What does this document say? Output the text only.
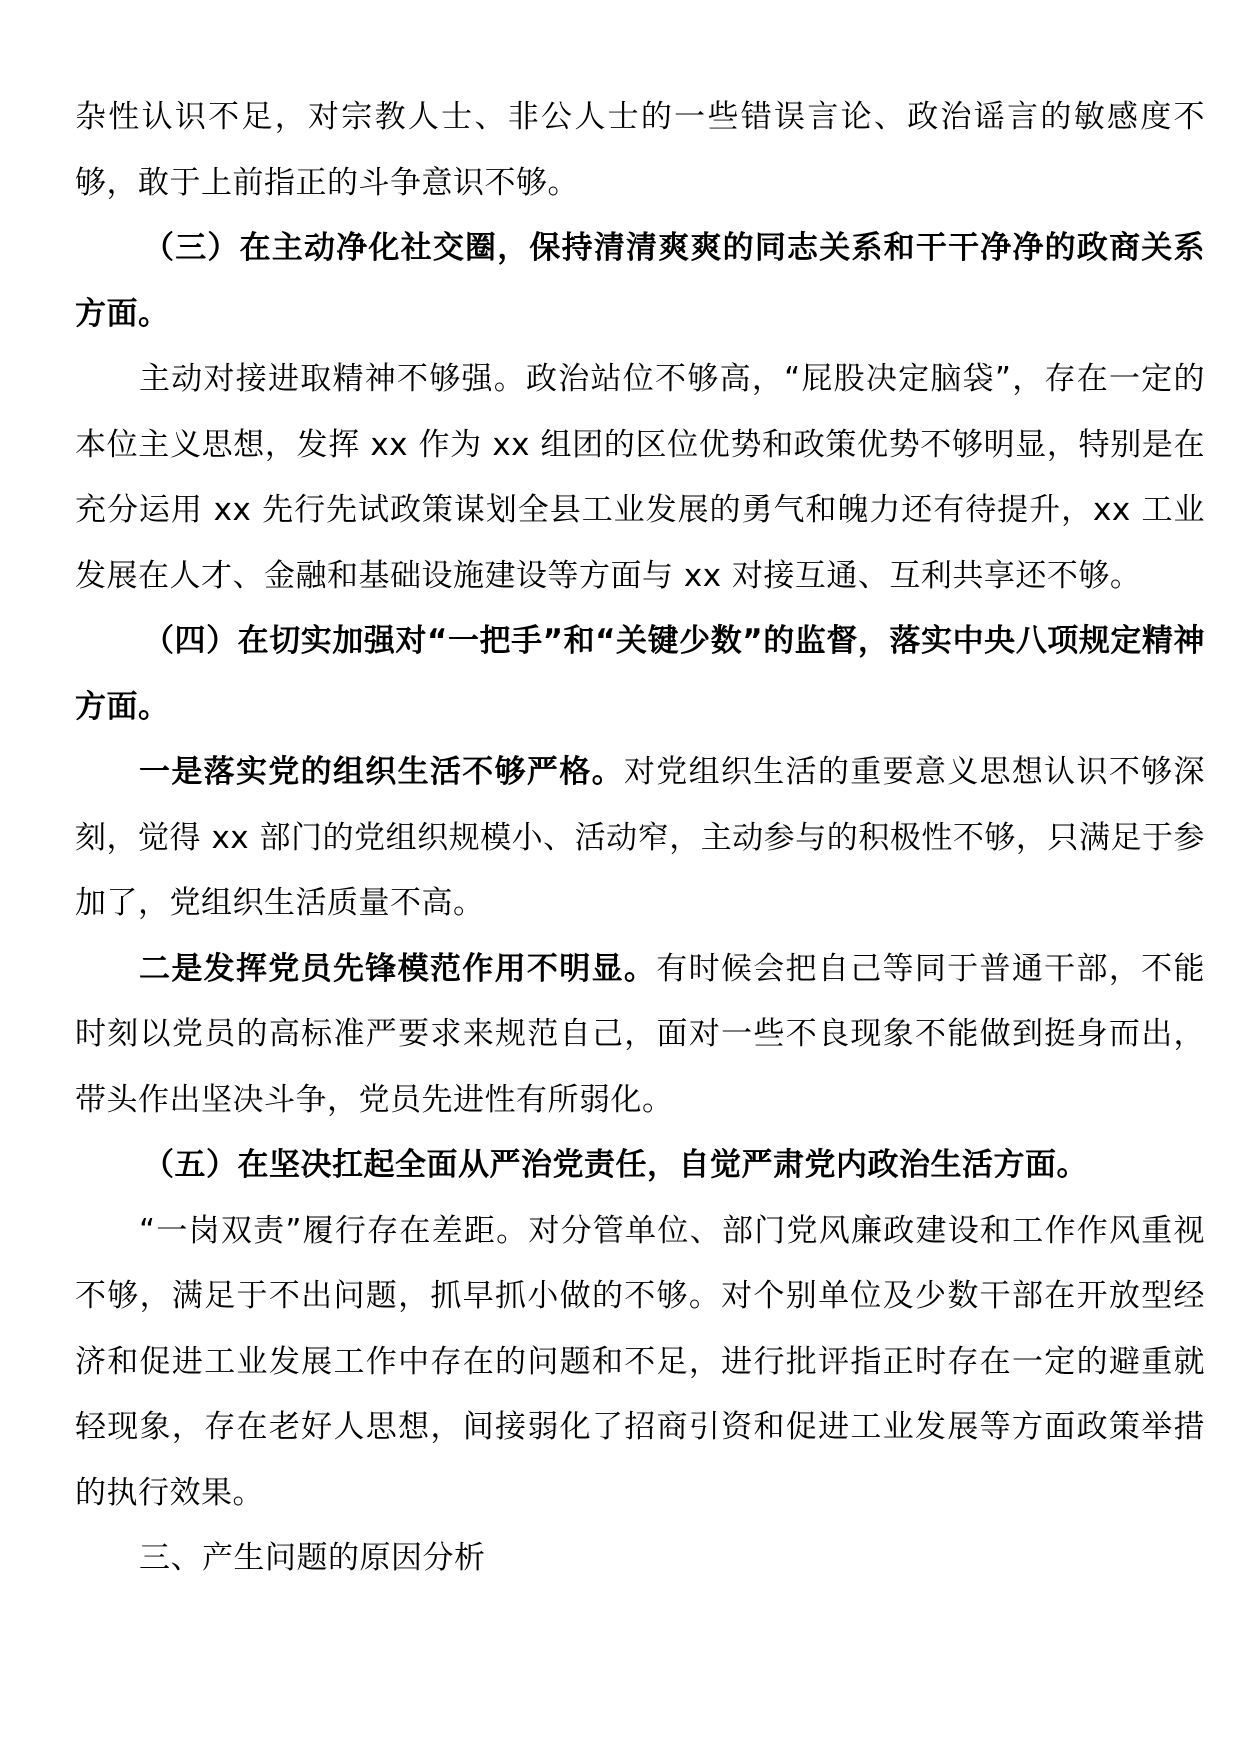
杂性认识不足，对宗教人士、非公人士的一些错误言论、政治谣言的敏感度不够，敢于上前指正的斗争意识不够。

（三）在主动净化社交圈，保持清清爽爽的同志关系和干干净净的政商关系方面。

主动对接进取精神不够强。政治站位不够高，“屁股决定脑袋”，存在一定的本位主义思想，发挥 xx 作为 xx 组团的区位优势和政策优势不够明显，特别是在充分运用 xx 先行先试政策谋划全县工业发展的勇气和魄力还有待提升，xx 工业发展在人才、金融和基础设施建设等方面与 xx 对接互通、互利共享还不够。

（四）在切实加强对“一把手”和“关键少数”的监督，落实中央八项规定精神方面。

一是落实党的组织生活不够严格。对党组织生活的重要意义思想认识不够深刻，觉得 xx 部门的党组织规模小、活动窄，主动参与的积极性不够，只满足于参加了，党组织生活质量不高。

二是发挥党员先锋模范作用不明显。有时候会把自己等同于普通干部，不能时刻以党员的高标准严要求来规范自己，面对一些不良现象不能做到挺身而出，带头作出坚决斗争，党员先进性有所弱化。

（五）在坚决扛起全面从严治党责任，自觉严肃党内政治生活方面。

“一岗双责”履行存在差距。对分管单位、部门党风廉政建设和工作作风重视不够，满足于不出问题，抓早抓小做的不够。对个别单位及少数干部在开放型经济和促进工业发展工作中存在的问题和不足，进行批评指正时存在一定的避重就轻现象，存在老好人思想，间接弱化了招商引资和促进工业发展等方面政策举措的执行效果。

三、产生问题的原因分析
